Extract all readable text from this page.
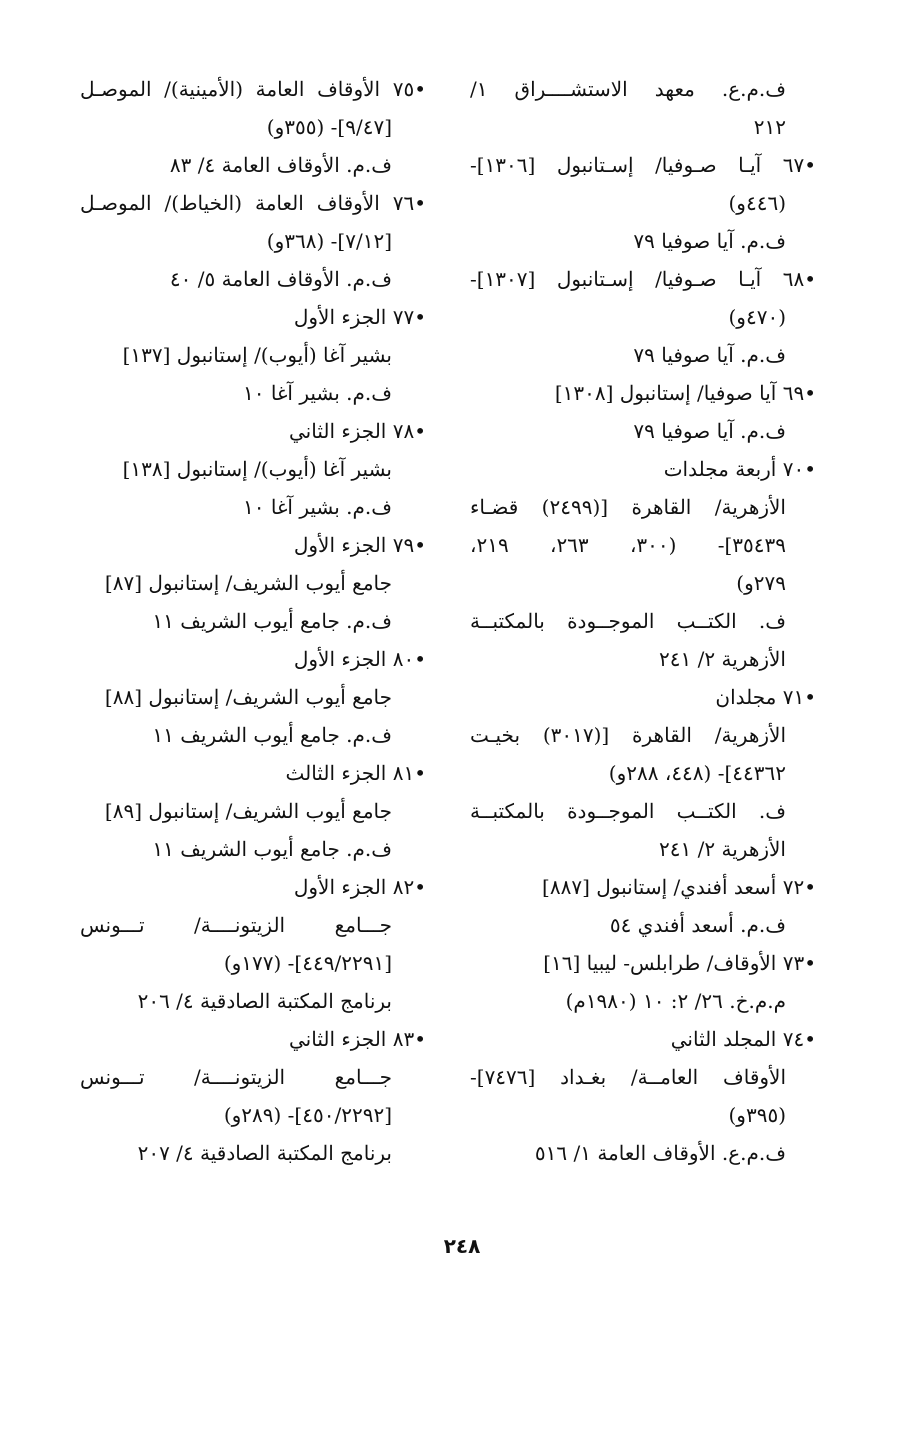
ف.م.ع. معهد الاستشــــراق ١/
٢١٢
•٦٧ آيـا صـوفيا/ إسـتانبول [١٣٠٦]-
(٤٤٦و)
ف.م. آيا صوفيا ٧٩
•٦٨ آيـا صـوفيا/ إسـتانبول [١٣٠٧]-
(٤٧٠و)
ف.م. آيا صوفيا ٧٩
•٦٩ آيا صوفيا/ إستانبول [١٣٠٨]
ف.م. آيا صوفيا ٧٩
•٧٠ أربعة مجلدات
الأزهرية/ القاهرة [(٢٤٩٩) قضـاء
٣٥٤٣٩]- (٣٠٠، ٢٦٣، ٢١٩،
٢٧٩و)
ف. الكتــب الموجــودة بالمكتبــة
الأزهرية ٢/ ٢٤١
•٧١ مجلدان
الأزهرية/ القاهرة [(٣٠١٧) بخيـت
٤٤٣٦٢]- (٤٤٨، ٢٨٨و)
ف. الكتــب الموجــودة بالمكتبــة
الأزهرية ٢/ ٢٤١
•٧٢ أسعد أفندي/ إستانبول [٨٨٧]
ف.م. أسعد أفندي ٥٤
•٧٣ الأوقاف/ طرابلس- ليبيا [١٦]
م.م.خ. ٢٦/ ٢: ١٠ (١٩٨٠م)
•٧٤ المجلد الثاني
الأوقاف العامــة/ بغـداد [٧٤٧٦]-
(٣٩٥و)
ف.م.ع. الأوقاف العامة ١/ ٥١٦
•٧٥ الأوقاف العامة (الأمينية)/ الموصـل
[٩/٤٧]- (٣٥٥و)
ف.م. الأوقاف العامة ٤/ ٨٣
•٧٦ الأوقاف العامة (الخياط)/ الموصـل
[٧/١٢]- (٣٦٨و)
ف.م. الأوقاف العامة ٥/ ٤٠
•٧٧ الجزء الأول
بشير آغا (أيوب)/ إستانبول [١٣٧]
ف.م. بشير آغا ١٠
•٧٨ الجزء الثاني
بشير آغا (أيوب)/ إستانبول [١٣٨]
ف.م. بشير آغا ١٠
•٧٩ الجزء الأول
جامع أيوب الشريف/ إستانبول [٨٧]
ف.م. جامع أيوب الشريف ١١
•٨٠ الجزء الأول
جامع أيوب الشريف/ إستانبول [٨٨]
ف.م. جامع أيوب الشريف ١١
•٨١ الجزء الثالث
جامع أيوب الشريف/ إستانبول [٨٩]
ف.م. جامع أيوب الشريف ١١
•٨٢ الجزء الأول
جـــامع الزيتونــــة/ تـــونس
[٤٤٩/٢٢٩١]- (١٧٧و)
برنامج المكتبة الصادقية ٤/ ٢٠٦
•٨٣ الجزء الثاني
جـــامع الزيتونــــة/ تـــونس
[٤٥٠/٢٢٩٢]- (٢٨٩و)
برنامج المكتبة الصادقية ٤/ ٢٠٧
٢٤٨
